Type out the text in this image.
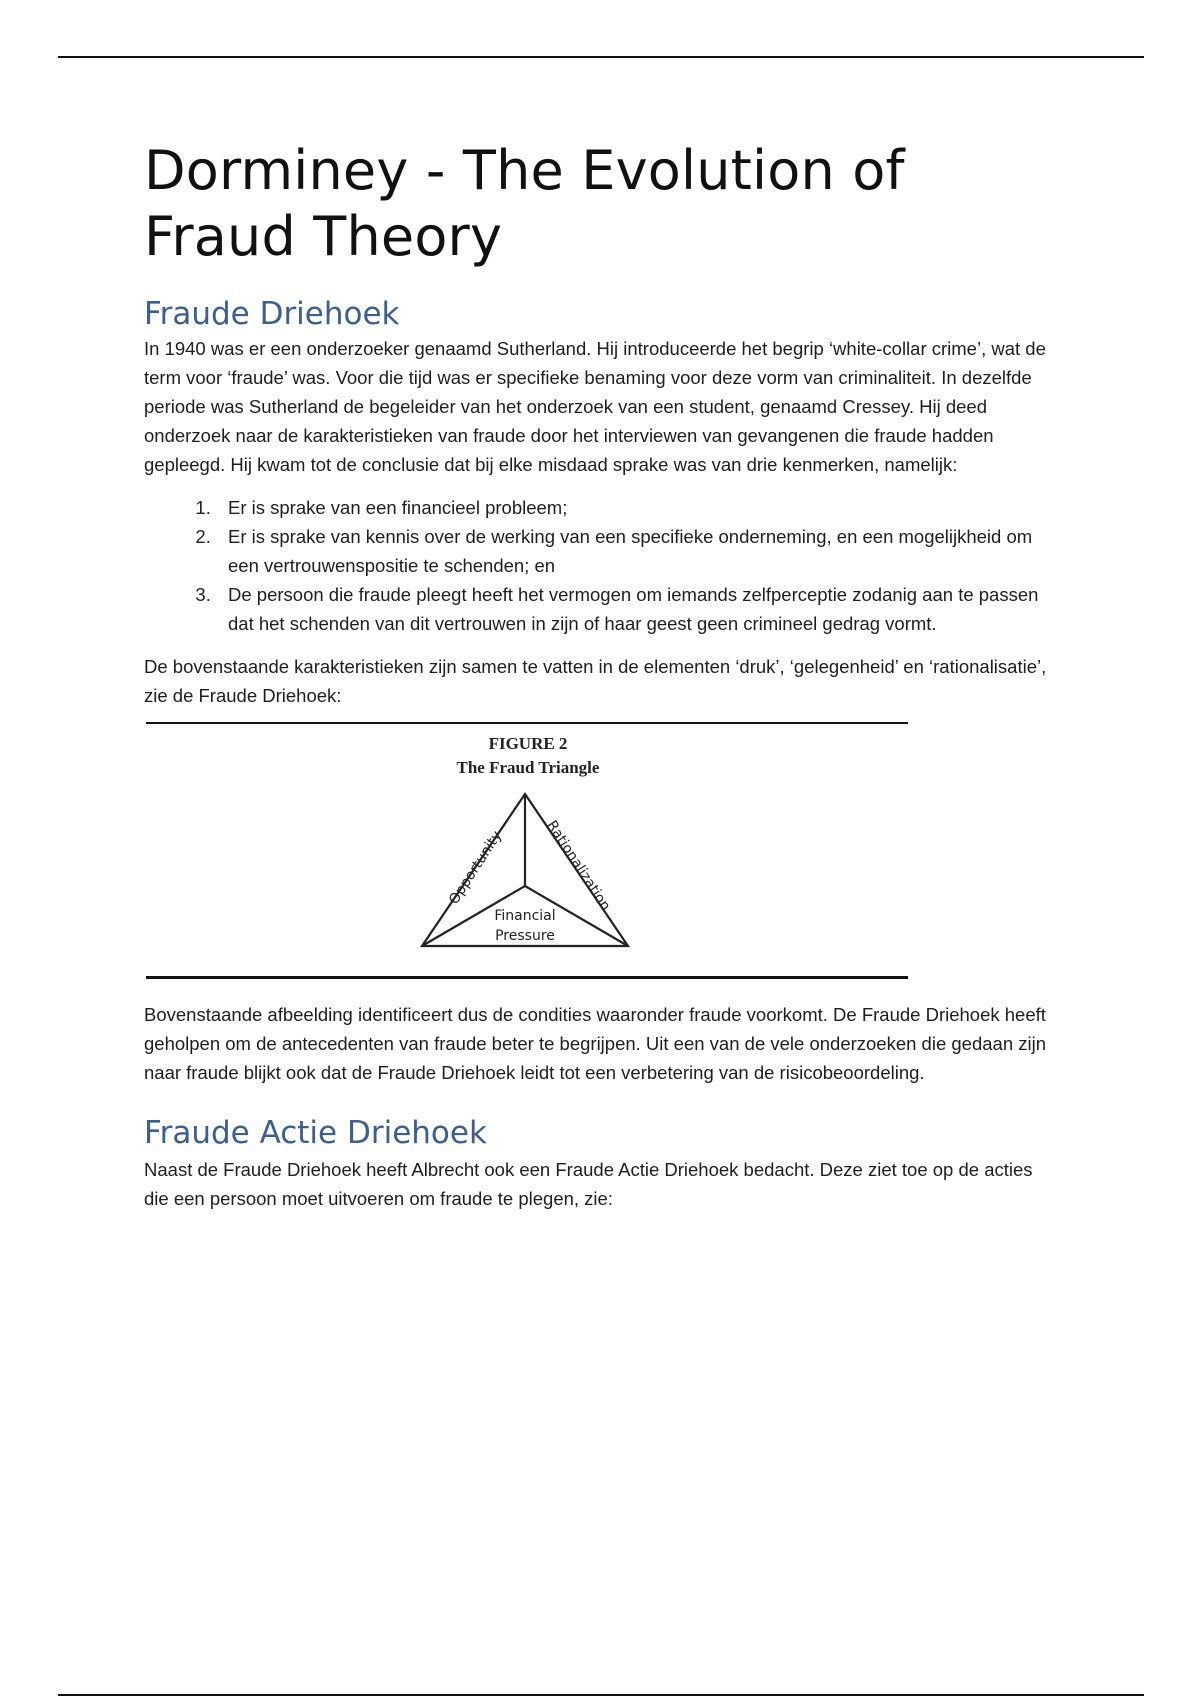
Dorminey - The Evolution of Fraud Theory
Fraude Driehoek

In 1940 was er een onderzoeker genaamd Sutherland. Hij introduceerde het begrip ‘white-collar crime’, wat de term voor ‘fraude’ was. Voor die tijd was er specifieke benaming voor deze vorm van criminaliteit. In dezelfde periode was Sutherland de begeleider van het onderzoek van een student, genaamd Cressey. Hij deed onderzoek naar de karakteristieken van fraude door het interviewen van gevangenen die fraude hadden gepleegd. Hij kwam tot de conclusie dat bij elke misdaad sprake was van drie kenmerken, namelijk:

1. Er is sprake van een financieel probleem;
2. Er is sprake van kennis over de werking van een specifieke onderneming, en een mogelijkheid om een vertrouwenspositie te schenden; en
3. De persoon die fraude pleegt heeft het vermogen om iemands zelfperceptie zodanig aan te passen dat het schenden van dit vertrouwen in zijn of haar geest geen crimineel gedrag vormt.

De bovenstaande karakteristieken zijn samen te vatten in de elementen ‘druk’, ‘gelegenheid’ en ‘rationalisatie’, zie de Fraude Driehoek:

FIGURE 2
The Fraud Triangle
Opportunity	Rationalization
Financial
Pressure

Bovenstaande afbeelding identificeert dus de condities waaronder fraude voorkomt. De Fraude Driehoek heeft geholpen om de antecedenten van fraude beter te begrijpen. Uit een van de vele onderzoeken die gedaan zijn naar fraude blijkt ook dat de Fraude Driehoek leidt tot een verbetering van de risicobeoordeling.

Fraude Actie Driehoek

Naast de Fraude Driehoek heeft Albrecht ook een Fraude Actie Driehoek bedacht. Deze ziet toe op de acties die een persoon moet uitvoeren om fraude te plegen, zie:
